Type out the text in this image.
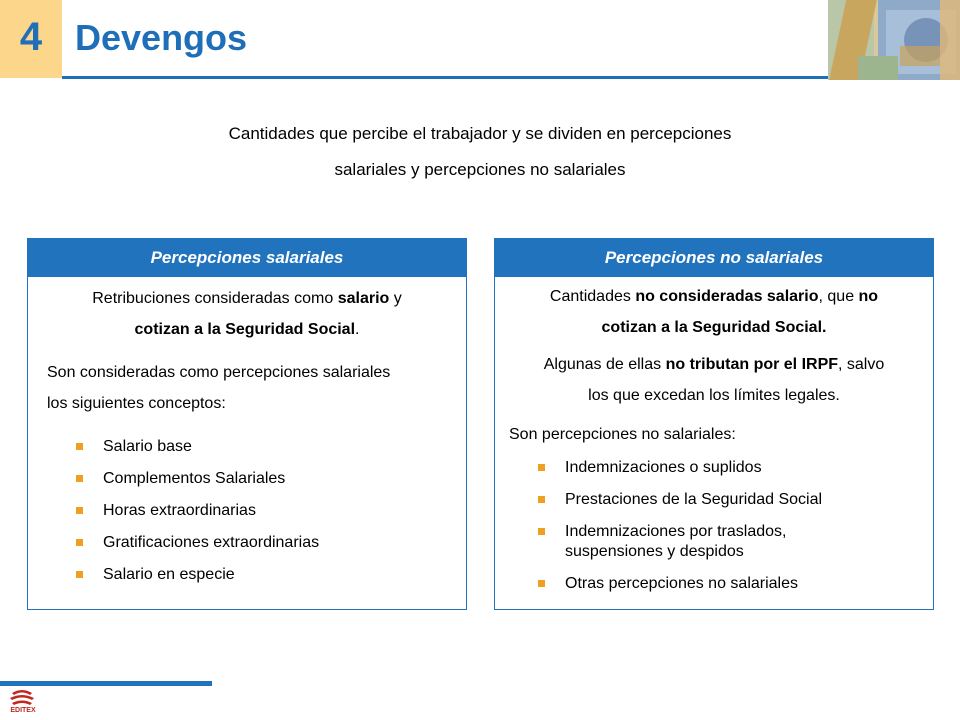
4 Devengos
Cantidades que percibe el trabajador y se dividen en percepciones
salariales y percepciones no salariales
Percepciones salariales
Retribuciones consideradas como salario y
cotizan a la Seguridad Social.
Son consideradas como percepciones salariales
los siguientes conceptos:
Salario base
Complementos Salariales
Horas extraordinarias
Gratificaciones extraordinarias
Salario en especie
Percepciones no salariales
Cantidades no consideradas salario, que no
cotizan a la Seguridad Social.
Algunas de ellas no tributan por el IRPF, salvo
los que excedan los límites legales.
Son percepciones no salariales:
Indemnizaciones o suplidos
Prestaciones de la Seguridad Social
Indemnizaciones por traslados,
suspensiones y despidos
Otras percepciones no salariales
EDITEX
